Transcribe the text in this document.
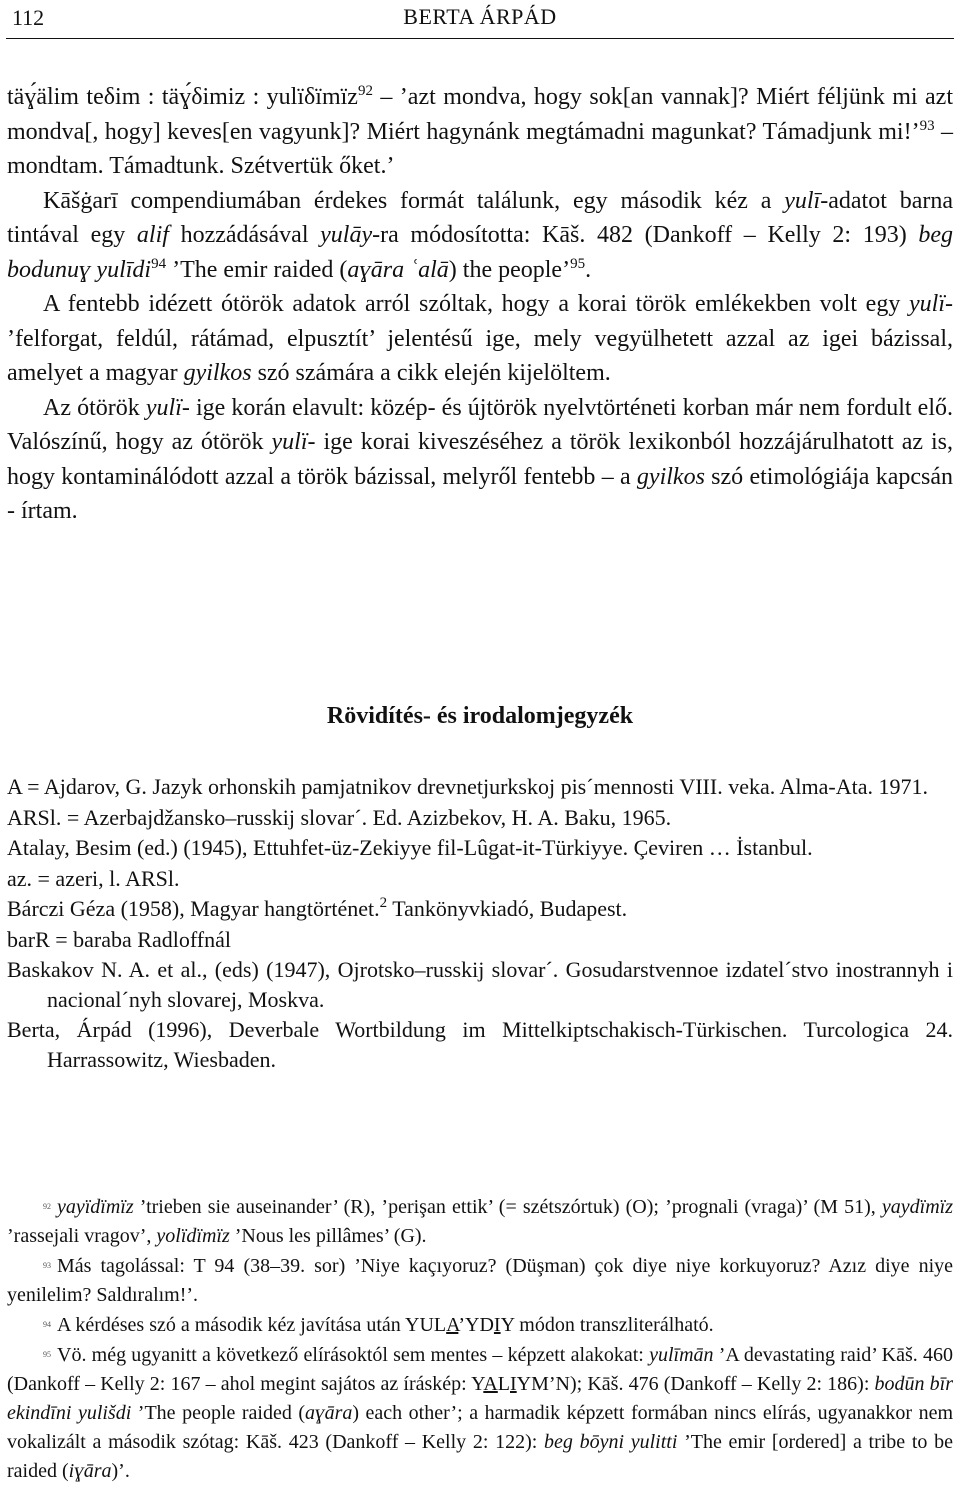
112	BERTA ÁRPÁD

täɣ́älim teδim : täɣ́δimiz : yulïδïmïz$^{92}$ – ’azt mondva, hogy sok[an vannak]? Miért féljünk mi azt mondva[, hogy] keves[en vagyunk]? Miért hagynánk megtámadni magunkat? Támadjunk mi!’$^{93}$ – mondtam. Támadtunk. Szétvertük őket.’

Kāšġarī compendiumában érdekes formát találunk, egy második kéz a yulī-adatot barna tintával egy alif hozzádásával yulāy-ra módosította: Kāš. 482 (Dankoff – Kelly 2: 193) beg bodunuɣ yulīdi$^{94}$ ’The emir raided (aɣāra ʿalā) the people’$^{95}$.

A fentebb idézett ótörök adatok arról szóltak, hogy a korai török emlékekben volt egy yulï- ’felforgat, feldúl, rátámad, elpusztít’ jelentésű ige, mely vegyülhetett azzal az igei bázissal, amelyet a magyar gyilkos szó számára a cikk elején kijelöltem.

Az ótörök yulï- ige korán elavult: közép- és újtörök nyelvtörténeti korban már nem fordult elő. Valószínű, hogy az ótörök yulï- ige korai kiveszéséhez a török lexikonból hozzájárulhatott az is, hogy kontaminálódott azzal a török bázissal, melyről fentebb – a gyilkos szó etimológiája kapcsán - írtam.

Rövidítés- és irodalomjegyzék

A = Ajdarov, G. Jazyk orhonskih pamjatnikov drevnetjurkskoj pis´mennosti VIII. veka. Alma-Ata. 1971.

ARSl. = Azerbajdžansko–russkij slovar´. Ed. Azizbekov, H. A. Baku, 1965.

Atalay, Besim (ed.) (1945), Ettuhfet-üz-Zekiyye fil-Lûgat-it-Türkiyye. Çeviren … İstanbul.

az. = azeri, l. ARSl.

Bárczi Géza (1958), Magyar hangtörténet.$^2$ Tankönyvkiadó, Budapest.

barR = baraba Radloffnál

Baskakov N. A. et al., (eds) (1947), Ojrotsko–russkij slovar´. Gosudarstvennoe izdatel´stvo inostrannyh i nacional´nyh slovarej, Moskva.

Berta, Árpád (1996), Deverbale Wortbildung im Mittelkiptschakisch-Türkischen. Turcologica 24. Harrassowitz, Wiesbaden.

$^{92}$ yayïdïmïz ’trieben sie auseinander’ (R), ’perişan ettik’ (= szétszórtuk) (O); ’prognali (vraga)’ (M 51), yaydïmïz ’rassejali vragov’, yolïdïmïz ’Nous les pillâmes’ (G).

$^{93}$ Más tagolással: T 94 (38–39. sor) ’Niye kaçıyoruz? (Düşman) çok diye niye korkuyoruz? Azız diye niye yenilelim? Saldıralım!’.

$^{94}$ A kérdéses szó a második kéz javítása után YULA’YDIY módon transzliterálható.

$^{95}$ Vö. még ugyanitt a következő elírásoktól sem mentes – képzett alakokat: yulīmān ’A devastating raid’ Kāš. 460 (Dankoff – Kelly 2: 167 – ahol megint sajátos az íráskép: YALIYM’N); Kāš. 476 (Dankoff – Kelly 2: 186): bodūn bīr ekindīni yulišdi ’The people raided (aɣāra) each other’; a harmadik képzett formában nincs elírás, ugyanakkor nem vokalizált a második szótag: Kāš. 423 (Dankoff – Kelly 2: 122): beg bōyni yulitti ’The emir [ordered] a tribe to be raided (iɣāra)’.
